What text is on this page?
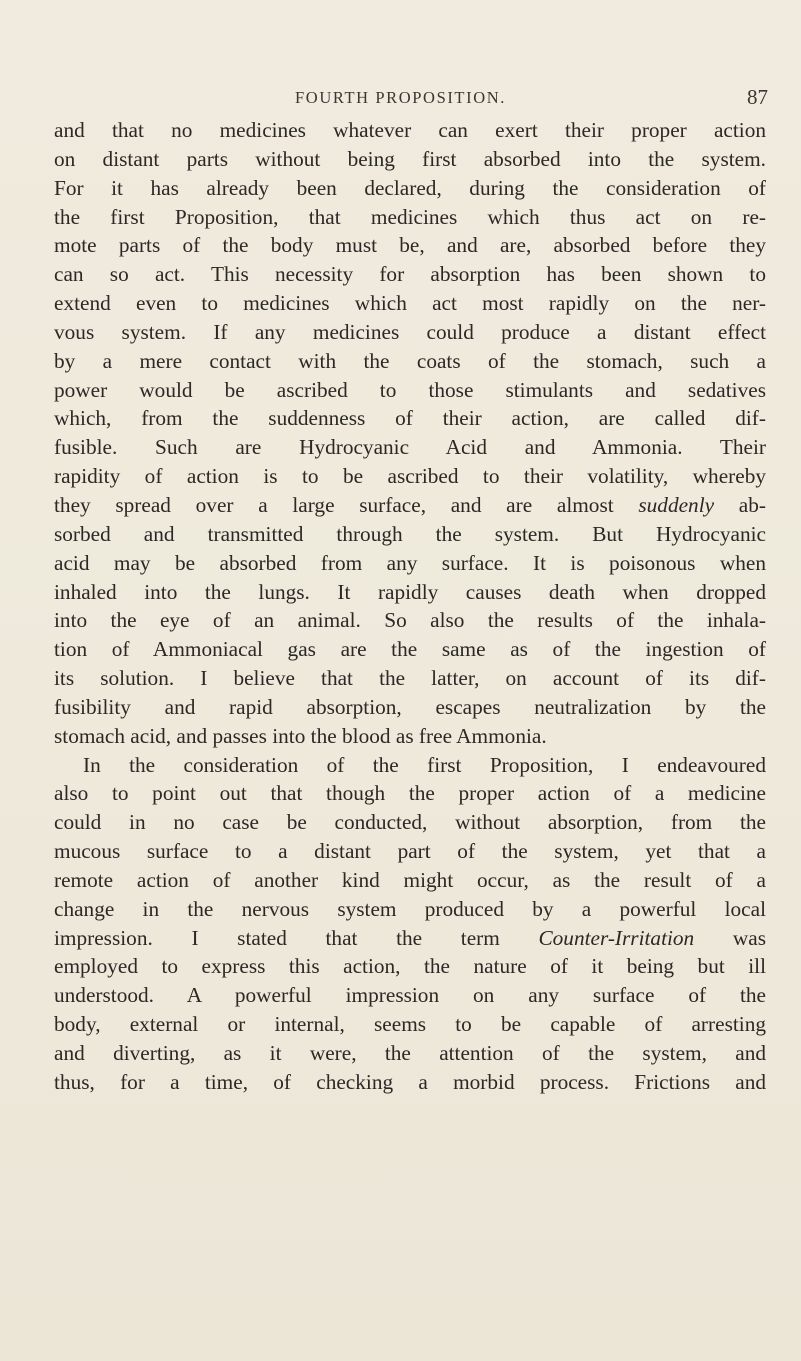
FOURTH PROPOSITION.	87
and that no medicines whatever can exert their proper action
on distant parts without being first absorbed into the system.
For it has already been declared, during the consideration of
the first Proposition, that medicines which thus act on re-
mote parts of the body must be, and are, absorbed before they
can so act. This necessity for absorption has been shown to
extend even to medicines which act most rapidly on the ner-
vous system. If any medicines could produce a distant effect
by a mere contact with the coats of the stomach, such a
power would be ascribed to those stimulants and sedatives
which, from the suddenness of their action, are called dif-
fusible. Such are Hydrocyanic Acid and Ammonia. Their
rapidity of action is to be ascribed to their volatility, whereby
they spread over a large surface, and are almost suddenly ab-
sorbed and transmitted through the system. But Hydrocyanic
acid may be absorbed from any surface. It is poisonous when
inhaled into the lungs. It rapidly causes death when dropped
into the eye of an animal. So also the results of the inhala-
tion of Ammoniacal gas are the same as of the ingestion of
its solution. I believe that the latter, on account of its dif-
fusibility and rapid absorption, escapes neutralization by the
stomach acid, and passes into the blood as free Ammonia.
In the consideration of the first Proposition, I endeavoured
also to point out that though the proper action of a medicine
could in no case be conducted, without absorption, from the
mucous surface to a distant part of the system, yet that a
remote action of another kind might occur, as the result of a
change in the nervous system produced by a powerful local
impression. I stated that the term Counter-Irritation was
employed to express this action, the nature of it being but ill
understood. A powerful impression on any surface of the
body, external or internal, seems to be capable of arresting
and diverting, as it were, the attention of the system, and
thus, for a time, of checking a morbid process. Frictions and
